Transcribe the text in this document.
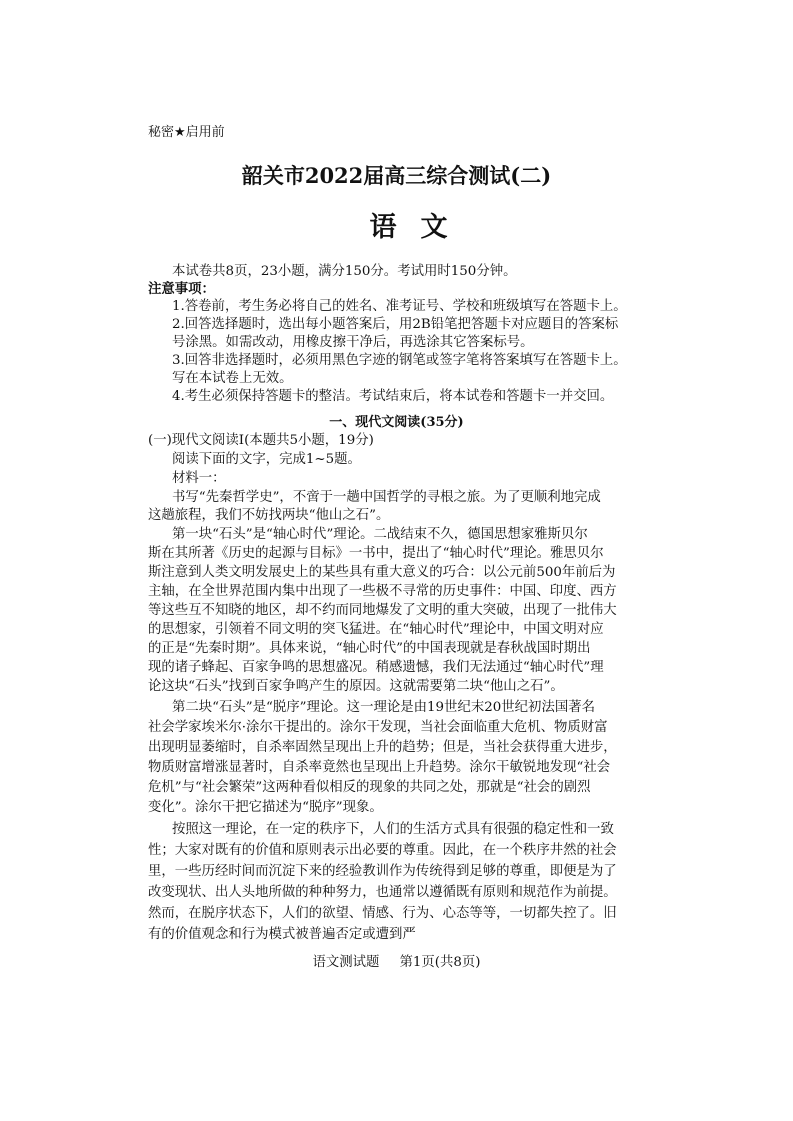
秘密★启用前
韶关市2022届高三综合测试(二)
语文
本试卷共8页，23小题，满分150分。考试用时150分钟。
注意事项：
1.答卷前，考生务必将自己的姓名、准考证号、学校和班级填写在答题卡上。
2.回答选择题时，选出每小题答案后，用2B铅笔把答题卡对应题目的答案标
号涂黑。如需改动，用橡皮擦干净后，再选涂其它答案标号。
3.回答非选择题时，必须用黑色字迹的钢笔或签字笔将答案填写在答题卡上。
写在本试卷上无效。
4.考生必须保持答题卡的整洁。考试结束后，将本试卷和答题卡一并交回。
一、现代文阅读(35分)
(一)现代文阅读Ⅰ(本题共5小题，19分)
阅读下面的文字，完成1~5题。
材料一：
书写“先秦哲学史”，不啻于一趟中国哲学的寻根之旅。为了更顺利地完成
这趟旅程，我们不妨找两块“他山之石”。
第一块“石头”是“轴心时代”理论。二战结束不久，德国思想家雅斯贝尔
斯在其所著《历史的起源与目标》一书中，提出了“轴心时代”理论。雅思贝尔
斯注意到人类文明发展史上的某些具有重大意义的巧合：以公元前500年前后为
主轴，在全世界范围内集中出现了一些极不寻常的历史事件：中国、印度、西方
等这些互不知晓的地区，却不约而同地爆发了文明的重大突破，出现了一批伟大
的思想家，引领着不同文明的突飞猛进。在“轴心时代”理论中，中国文明对应
的正是“先秦时期”。具体来说，“轴心时代”的中国表现就是春秋战国时期出
现的诸子蜂起、百家争鸣的思想盛况。稍感遗憾，我们无法通过“轴心时代”理
论这块“石头”找到百家争鸣产生的原因。这就需要第二块“他山之石”。
第二块“石头”是“脱序”理论。这一理论是由19世纪末20世纪初法国著名
社会学家埃米尔·涂尔干提出的。涂尔干发现，当社会面临重大危机、物质财富
出现明显萎缩时，自杀率固然呈现出上升的趋势；但是，当社会获得重大进步，
物质财富增涨显著时，自杀率竟然也呈现出上升趋势。涂尔干敏锐地发现“社会
危机”与“社会繁荣”这两种看似相反的现象的共同之处，那就是“社会的剧烈
变化”。涂尔干把它描述为“脱序”现象。
按照这一理论，在一定的秩序下，人们的生活方式具有很强的稳定性和一致
性；大家对既有的价值和原则表示出必要的尊重。因此，在一个秩序井然的社会
里，一些历经时间而沉淀下来的经验教训作为传统得到足够的尊重，即便是为了
改变现状、出人头地所做的种种努力，也通常以遵循既有原则和规范作为前提。
然而，在脱序状态下，人们的欲望、情感、行为、心态等等，一切都失控了。旧
有的价值观念和行为模式被普遍否定或遭到严
语文测试题 第1页(共8页)
